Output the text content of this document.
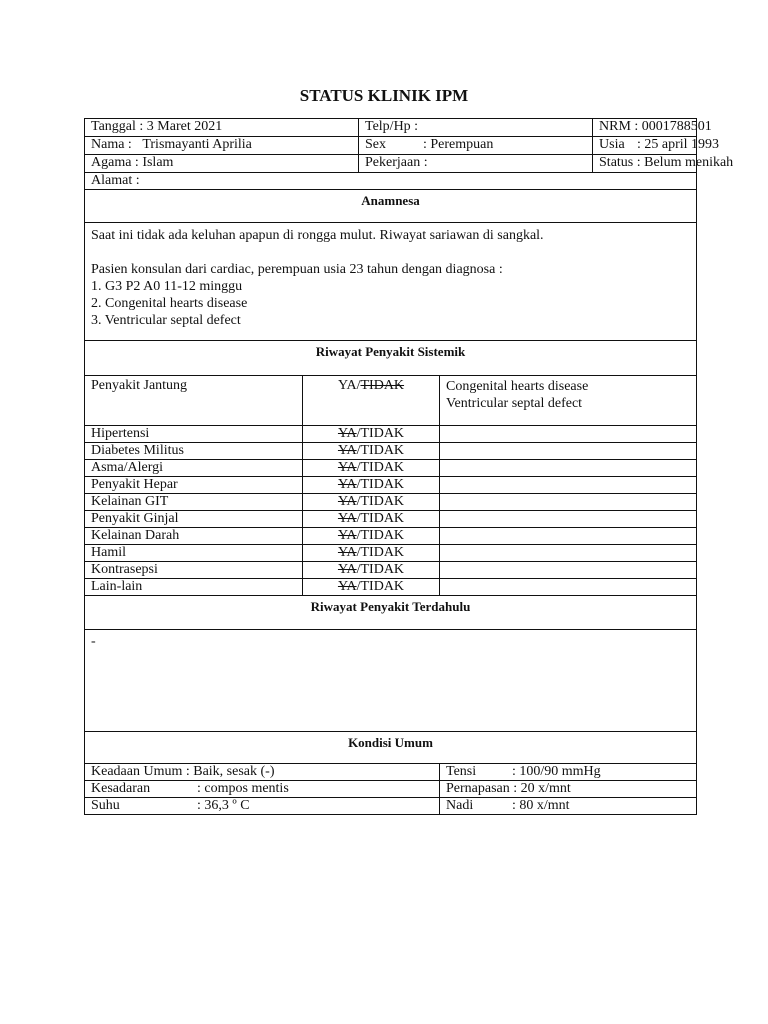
STATUS KLINIK IPM
Tanggal : 3 Maret 2021		Telp/Hp :		NRM : 0001788501
Nama : Trismayanti Aprilia		Sex : Perempuan		Usia : 25 april 1993
Agama : Islam		Pekerjaan :		Status : Belum menikah
Alamat :				
Anamnesa				

Saat ini tidak ada keluhan apapun di rongga mulut. Riwayat sariawan di sangkal.
Pasien konsulan dari cardiac, perempuan usia 23 tahun dengan diagnosa :
1. G3 P2 A0 11-12 minggu
2. Congenital hearts disease
3. Ventricular septal defect				

Riwayat Penyakit Sistemik				
Penyakit Jantung	YA/TIDAK		Congenital hearts disease
Ventricular septal defect	

Hipertensi	YA/TIDAK			
Diabetes Militus	YA/TIDAK			
Asma/Alergi	YA/TIDAK			
Penyakit Hepar	YA/TIDAK			
Kelainan GIT	YA/TIDAK			
Penyakit Ginjal	YA/TIDAK			
Kelainan Darah	YA/TIDAK			
Hamil	YA/TIDAK			
Kontrasepsi	YA/TIDAK			
Lain-lain	YA/TIDAK			
Riwayat Penyakit Terdahulu				
-				
Kondisi Umum				
Keadaan Umum : Baik, sesak (-)			Tensi : 100/90 mmHg	
Kesadaran : compos mentis			Pernapasan : 20 x/mnt	
Suhu : 36,3 º C			Nadi : 80 x/mnt	
